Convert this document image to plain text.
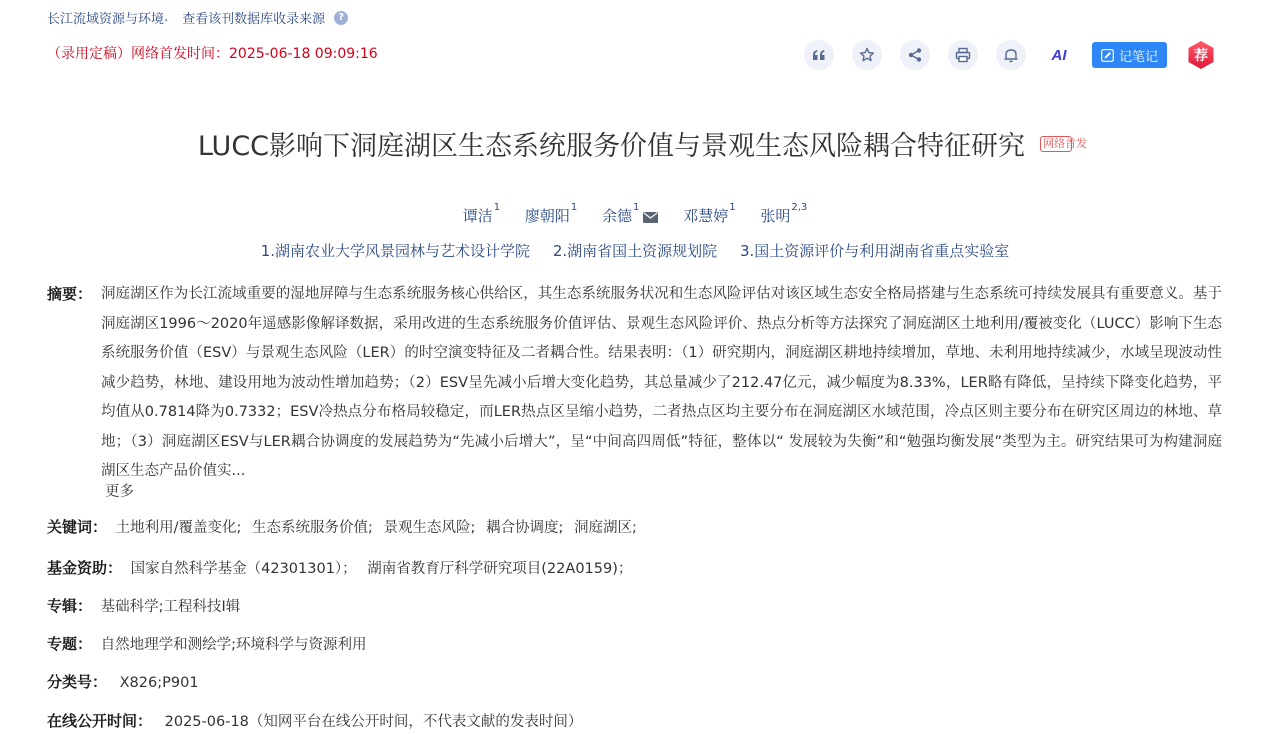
长江流域资源与环境 . 查看该刊数据库收录来源	?
（录用定稿）网络首发时间：2025-06-18 09:09:16	AI	记笔记	荐
LUCC影响下洞庭湖区生态系统服务价值与景观生态风险耦合特征研究 网络首发
谭洁$^1$
廖朝阳$^1$
余德$^1$
	邓慧婷$^1$
张明$^{2,3}$
1.湖南农业大学风景园林与艺术设计学院 2.湖南省国土资源规划院 3.国土资源评价与利用湖南省重点实验室
摘要： 洞庭湖区作为长江流域重要的湿地屏障与生态系统服务核心供给区，其生态系统服务状况和生态风险评估对该区域生态安全格局搭建与生态系统可持续发展具有重要意义。基于洞庭湖区1996～2020年遥感影像解译数据，采用改进的生态系统服务价值评估、景观生态风险评价、热点分析等方法探究了洞庭湖区土地利用/覆被变化（LUCC）影响下生态系统服务价值（ESV）与景观生态风险（LER）的时空演变特征及二者耦合性。结果表明：（1）研究期内，洞庭湖区耕地持续增加，草地、未利用地持续减少，水域呈现波动性减少趋势，林地、建设用地为波动性增加趋势；（2）ESV呈先减小后增大变化趋势，其总量减少了212.47亿元，减少幅度为8.33%，LER略有降低，呈持续下降变化趋势，平均值从0.7814降为0.7332；ESV冷热点分布格局较稳定，而LER热点区呈缩小趋势，二者热点区均主要分布在洞庭湖区水域范围，冷点区则主要分布在研究区周边的林地、草地；（3）洞庭湖区ESV与LER耦合协调度的发展趋势为“先减小后增大”，呈“中间高四周低”特征，整体以“ 发展较为失衡”和“勉强均衡发展”类型为主。研究结果可为构建洞庭湖区生态产品价值实...
更多
关键词： 土地利用/覆盖变化; 生态系统服务价值; 景观生态风险; 耦合协调度; 洞庭湖区;
基金资助： 国家自然科学基金（42301301）； 湖南省教育厅科学研究项目(22A0159)；
专辑： 基础科学;工程科技Ⅰ辑
专题： 自然地理学和测绘学;环境科学与资源利用
分类号： X826;P901
在线公开时间： 2025-06-18（知网平台在线公开时间，不代表文献的发表时间）
